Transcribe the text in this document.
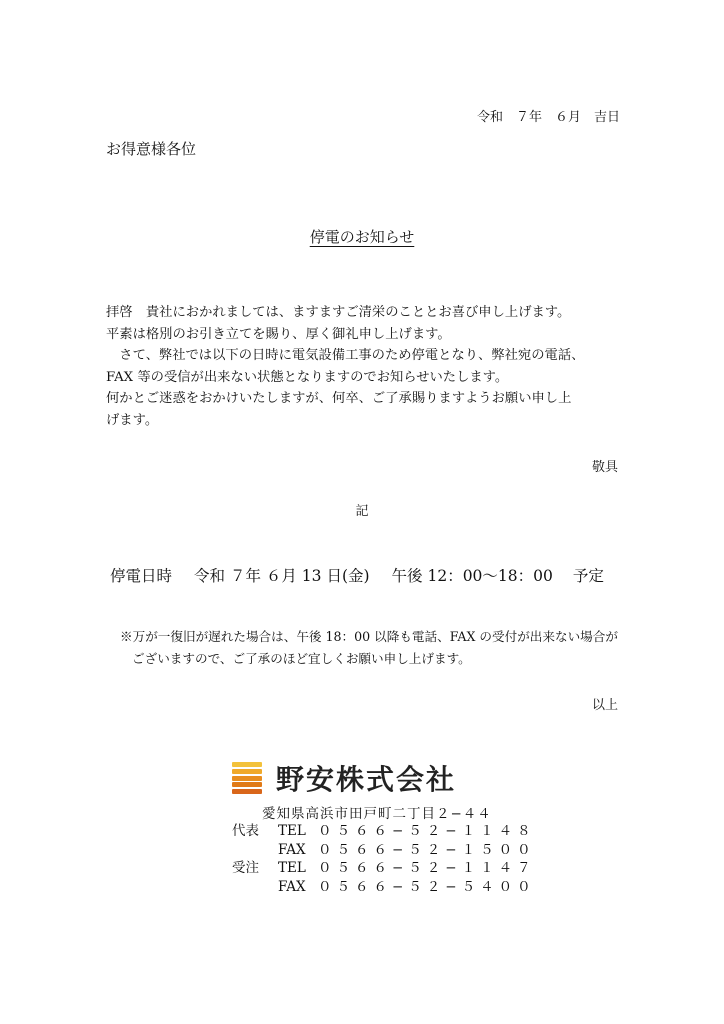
令和　７年　６月　吉日
お得意様各位
停電のお知らせ

拝啓　貴社におかれましては、ますますご清栄のこととお喜び申し上げます。

平素は格別のお引き立てを賜り、厚く御礼申し上げます。

　さて、弊社では以下の日時に電気設備工事のため停電となり、弊社宛の電話、

FAX 等の受信が出来ない状態となりますのでお知らせいたします。

何かとご迷惑をおかけいたしますが、何卒、ご了承賜りますようお願い申し上

げます。

敬具
記
停電日時 令和 ７年 ６月 13 日(金) 午後 12：00〜18：00 予定

※万が一復旧が遅れた場合は、午後 18：00 以降も電話、FAX の受付が出来ない場合が

ございますので、ご了承のほど宜しくお願い申し上げます。

以上
野安株式会社
愛知県高浜市田戸町二丁目２−４４
代表	TEL ０５６６−５２−１１４８
FAX ０５６６−５２−１５００
受注	TEL ０５６６−５２−１１４７
FAX ０５６６−５２−５４００
